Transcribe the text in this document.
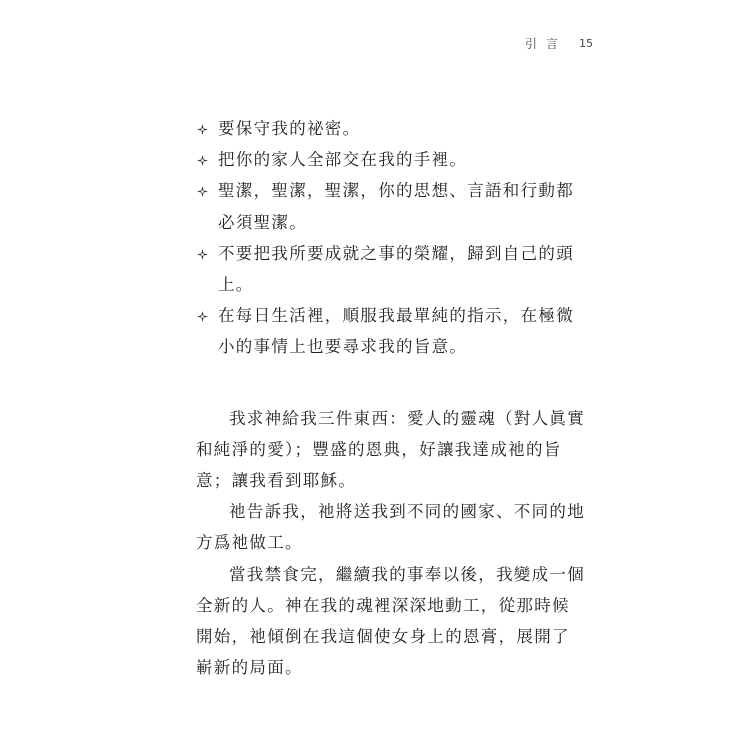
引言 15
要保守我的祕密。
把你的家人全部交在我的手裡。
聖潔，聖潔，聖潔，你的思想、言語和行動都必須聖潔。
不要把我所要成就之事的榮耀，歸到自己的頭上。
在每日生活裡，順服我最單純的指示，在極微小的事情上也要尋求我的旨意。

我求神給我三件東西：愛人的靈魂（對人眞實和純淨的愛）；豐盛的恩典，好讓我達成祂的旨意；讓我看到耶穌。

祂告訴我，祂將送我到不同的國家、不同的地方爲祂做工。

當我禁食完，繼續我的事奉以後，我變成一個全新的人。神在我的魂裡深深地動工，從那時候開始，祂傾倒在我這個使女身上的恩膏，展開了嶄新的局面。
